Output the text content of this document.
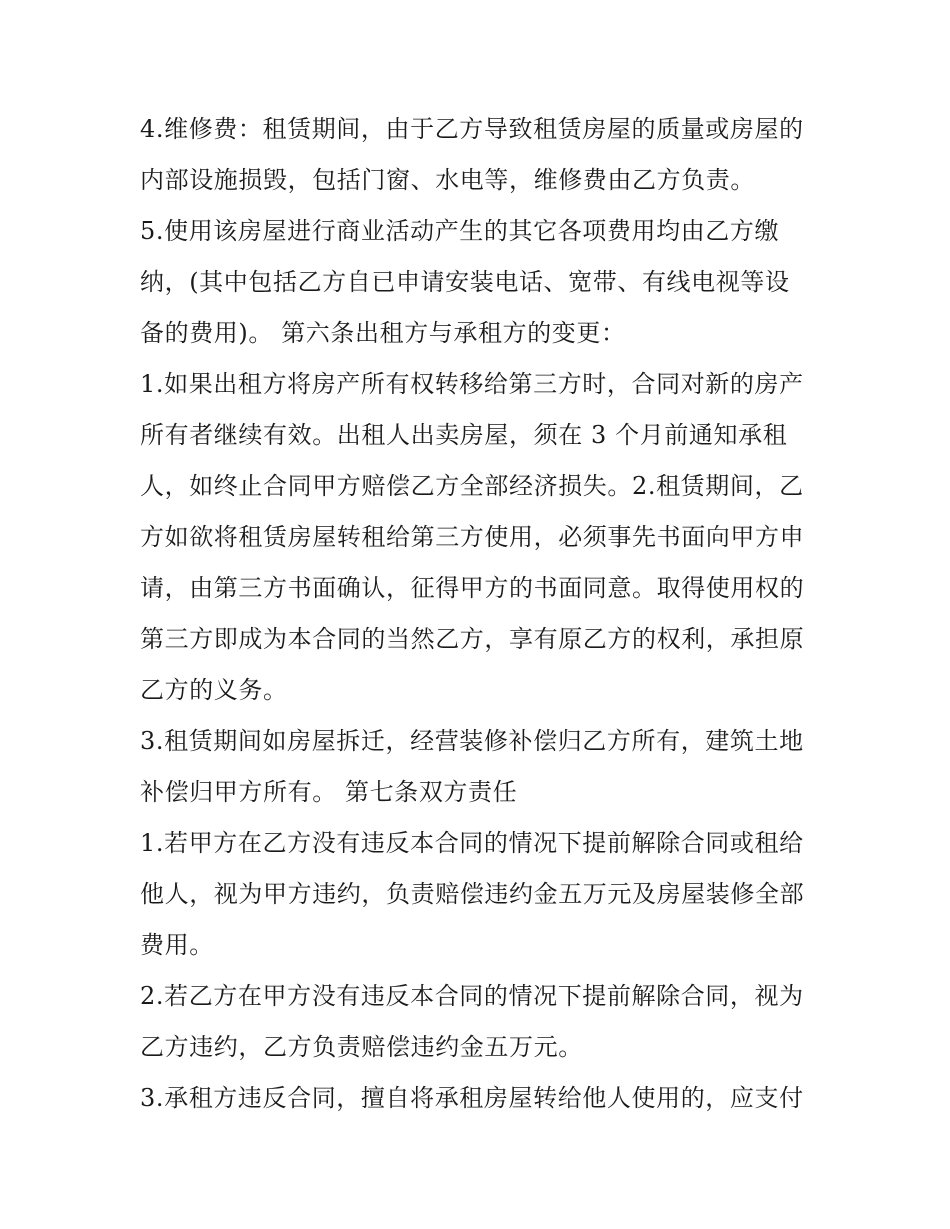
4.维修费：租赁期间，由于乙方导致租赁房屋的质量或房屋的
内部设施损毁，包括门窗、水电等，维修费由乙方负责。
5.使用该房屋进行商业活动产生的其它各项费用均由乙方缴
纳，(其中包括乙方自已申请安装电话、宽带、有线电视等设
备的费用)。 第六条出租方与承租方的变更：
1.如果出租方将房产所有权转移给第三方时，合同对新的房产
所有者继续有效。出租人出卖房屋，须在 3 个月前通知承租
人，如终止合同甲方赔偿乙方全部经济损失。2.租赁期间，乙
方如欲将租赁房屋转租给第三方使用，必须事先书面向甲方申
请，由第三方书面确认，征得甲方的书面同意。取得使用权的
第三方即成为本合同的当然乙方，享有原乙方的权利，承担原
乙方的义务。
3.租赁期间如房屋拆迁，经营装修补偿归乙方所有，建筑土地
补偿归甲方所有。 第七条双方责任
1.若甲方在乙方没有违反本合同的情况下提前解除合同或租给
他人，视为甲方违约，负责赔偿违约金五万元及房屋装修全部
费用。
2.若乙方在甲方没有违反本合同的情况下提前解除合同，视为
乙方违约，乙方负责赔偿违约金五万元。
3.承租方违反合同，擅自将承租房屋转给他人使用的，应支付
